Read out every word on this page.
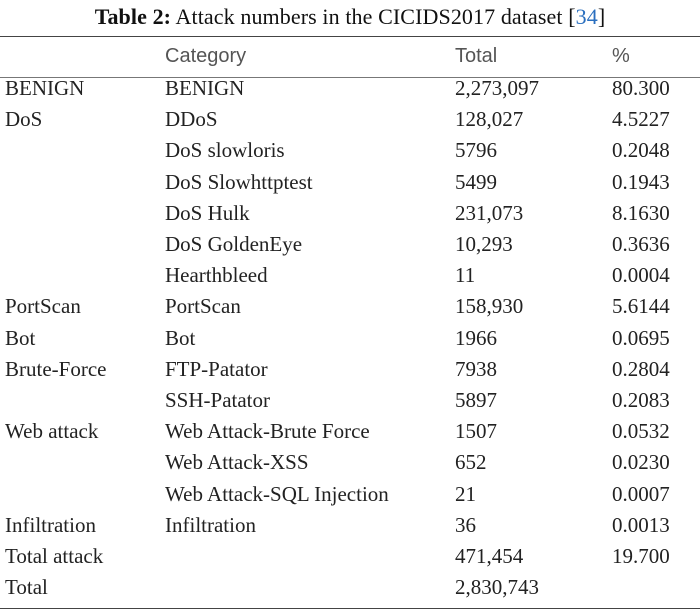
Table 2: Attack numbers in the CICIDS2017 dataset [34]
	Category	Total	%
BENIGN	BENIGN	2,273,097	80.300
DoS	DDoS	128,027	4.5227
	DoS slowloris	5796	0.2048
	DoS Slowhttptest	5499	0.1943
	DoS Hulk	231,073	8.1630
	DoS GoldenEye	10,293	0.3636
	Hearthbleed	11	0.0004
PortScan	PortScan	158,930	5.6144
Bot	Bot	1966	0.0695
Brute-Force	FTP-Patator	7938	0.2804
	SSH-Patator	5897	0.2083
Web attack	Web Attack-Brute Force	1507	0.0532
	Web Attack-XSS	652	0.0230
	Web Attack-SQL Injection	21	0.0007
Infiltration	Infiltration	36	0.0013
Total attack		471,454	19.700
Total		2,830,743	
